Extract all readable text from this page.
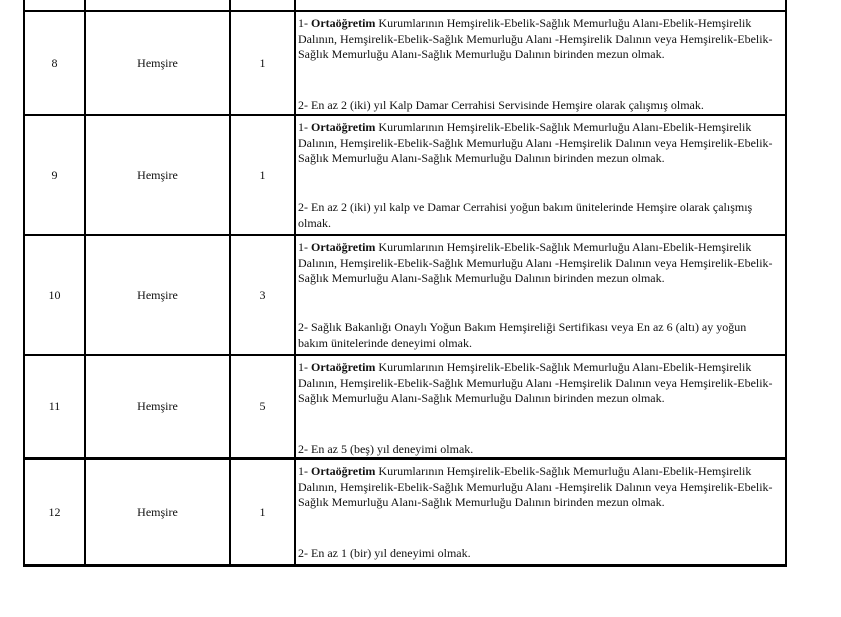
8	Hemşire	1

1- Ortaöğretim Kurumlarının Hemşirelik-Ebelik-Sağlık Memurluğu Alanı-Ebelik-Hemşirelik Dalının, Hemşirelik-Ebelik-Sağlık Memurluğu Alanı -Hemşirelik Dalının veya Hemşirelik-Ebelik-Sağlık Memurluğu Alanı-Sağlık Memurluğu Dalının birinden mezun olmak.

2- En az 2 (iki) yıl Kalp Damar Cerrahisi Servisinde Hemşire olarak çalışmış olmak.

9	Hemşire	1

1- Ortaöğretim Kurumlarının Hemşirelik-Ebelik-Sağlık Memurluğu Alanı-Ebelik-Hemşirelik Dalının, Hemşirelik-Ebelik-Sağlık Memurluğu Alanı -Hemşirelik Dalının veya Hemşirelik-Ebelik-Sağlık Memurluğu Alanı-Sağlık Memurluğu Dalının birinden mezun olmak.

2- En az 2 (iki) yıl kalp ve Damar Cerrahisi yoğun bakım ünitelerinde Hemşire olarak çalışmış olmak.

10	Hemşire	3

1- Ortaöğretim Kurumlarının Hemşirelik-Ebelik-Sağlık Memurluğu Alanı-Ebelik-Hemşirelik Dalının, Hemşirelik-Ebelik-Sağlık Memurluğu Alanı -Hemşirelik Dalının veya Hemşirelik-Ebelik-Sağlık Memurluğu Alanı-Sağlık Memurluğu Dalının birinden mezun olmak.

2- Sağlık Bakanlığı Onaylı Yoğun Bakım Hemşireliği Sertifikası veya En az 6 (altı) ay yoğun bakım ünitelerinde deneyimi olmak.

11	Hemşire	5

1- Ortaöğretim Kurumlarının Hemşirelik-Ebelik-Sağlık Memurluğu Alanı-Ebelik-Hemşirelik Dalının, Hemşirelik-Ebelik-Sağlık Memurluğu Alanı -Hemşirelik Dalının veya Hemşirelik-Ebelik-Sağlık Memurluğu Alanı-Sağlık Memurluğu Dalının birinden mezun olmak.

2- En az 5 (beş) yıl deneyimi olmak.

12	Hemşire	1

1- Ortaöğretim Kurumlarının Hemşirelik-Ebelik-Sağlık Memurluğu Alanı-Ebelik-Hemşirelik Dalının, Hemşirelik-Ebelik-Sağlık Memurluğu Alanı -Hemşirelik Dalının veya Hemşirelik-Ebelik-Sağlık Memurluğu Alanı-Sağlık Memurluğu Dalının birinden mezun olmak.

2- En az 1 (bir) yıl deneyimi olmak.
